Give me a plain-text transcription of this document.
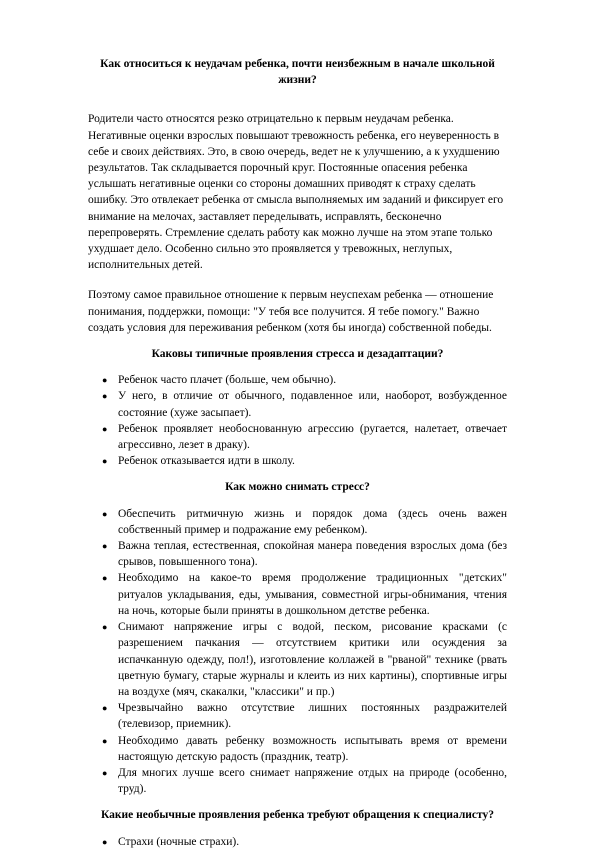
Как относиться к неудачам ребенка, почти неизбежным в начале школьной жизни?

Родители часто относятся резко отрицательно к первым неудачам ребенка. Негативные оценки взрослых повышают тревожность ребенка, его неуверенность в себе и своих действиях. Это, в свою очередь, ведет не к улучшению, а к ухудшению результатов. Так складывается порочный круг. Постоянные опасения ребенка услышать негативные оценки со стороны домашних приводят к страху сделать ошибку. Это отвлекает ребенка от смысла выполняемых им заданий и фиксирует его внимание на мелочах, заставляет переделывать, исправлять, бесконечно перепроверять. Стремление сделать работу как можно лучше на этом этапе только ухудшает дело. Особенно сильно это проявляется у тревожных, неглупых, исполнительных детей.

Поэтому самое правильное отношение к первым неуспехам ребенка — отношение понимания, поддержки, помощи: "У тебя все получится. Я тебе помогу." Важно создать условия для переживания ребенком (хотя бы иногда) собственной победы.

Каковы типичные проявления стресса и дезадаптации?

● Ребенок часто плачет (больше, чем обычно).
● У него, в отличие от обычного, подавленное или, наоборот, возбужденное состояние (хуже засыпает).
● Ребенок проявляет необоснованную агрессию (ругается, налетает, отвечает агрессивно, лезет в драку).
● Ребенок отказывается идти в школу.

Как можно снимать стресс?

● Обеспечить ритмичную жизнь и порядок дома (здесь очень важен собственный пример и подражание ему ребенком).
● Важна теплая, естественная, спокойная манера поведения взрослых дома (без срывов, повышенного тона).
● Необходимо на какое-то время продолжение традиционных "детских" ритуалов укладывания, еды, умывания, совместной игры-обнимания, чтения на ночь, которые были приняты в дошкольном детстве ребенка.
● Снимают напряжение игры с водой, песком, рисование красками (с разрешением пачкания — отсутствием критики или осуждения за испачканную одежду, пол!), изготовление коллажей в "рваной" технике (рвать цветную бумагу, старые журналы и клеить из них картины), спортивные игры на воздухе (мяч, скакалки, "классики" и пр.)
● Чрезвычайно важно отсутствие лишних постоянных раздражителей (телевизор, приемник).
● Необходимо давать ребенку возможность испытывать время от времени настоящую детскую радость (праздник, театр).
● Для многих лучше всего снимает напряжение отдых на природе (особенно, труд).

Какие необычные проявления ребенка требуют обращения к специалисту?

● Страхи (ночные страхи).
